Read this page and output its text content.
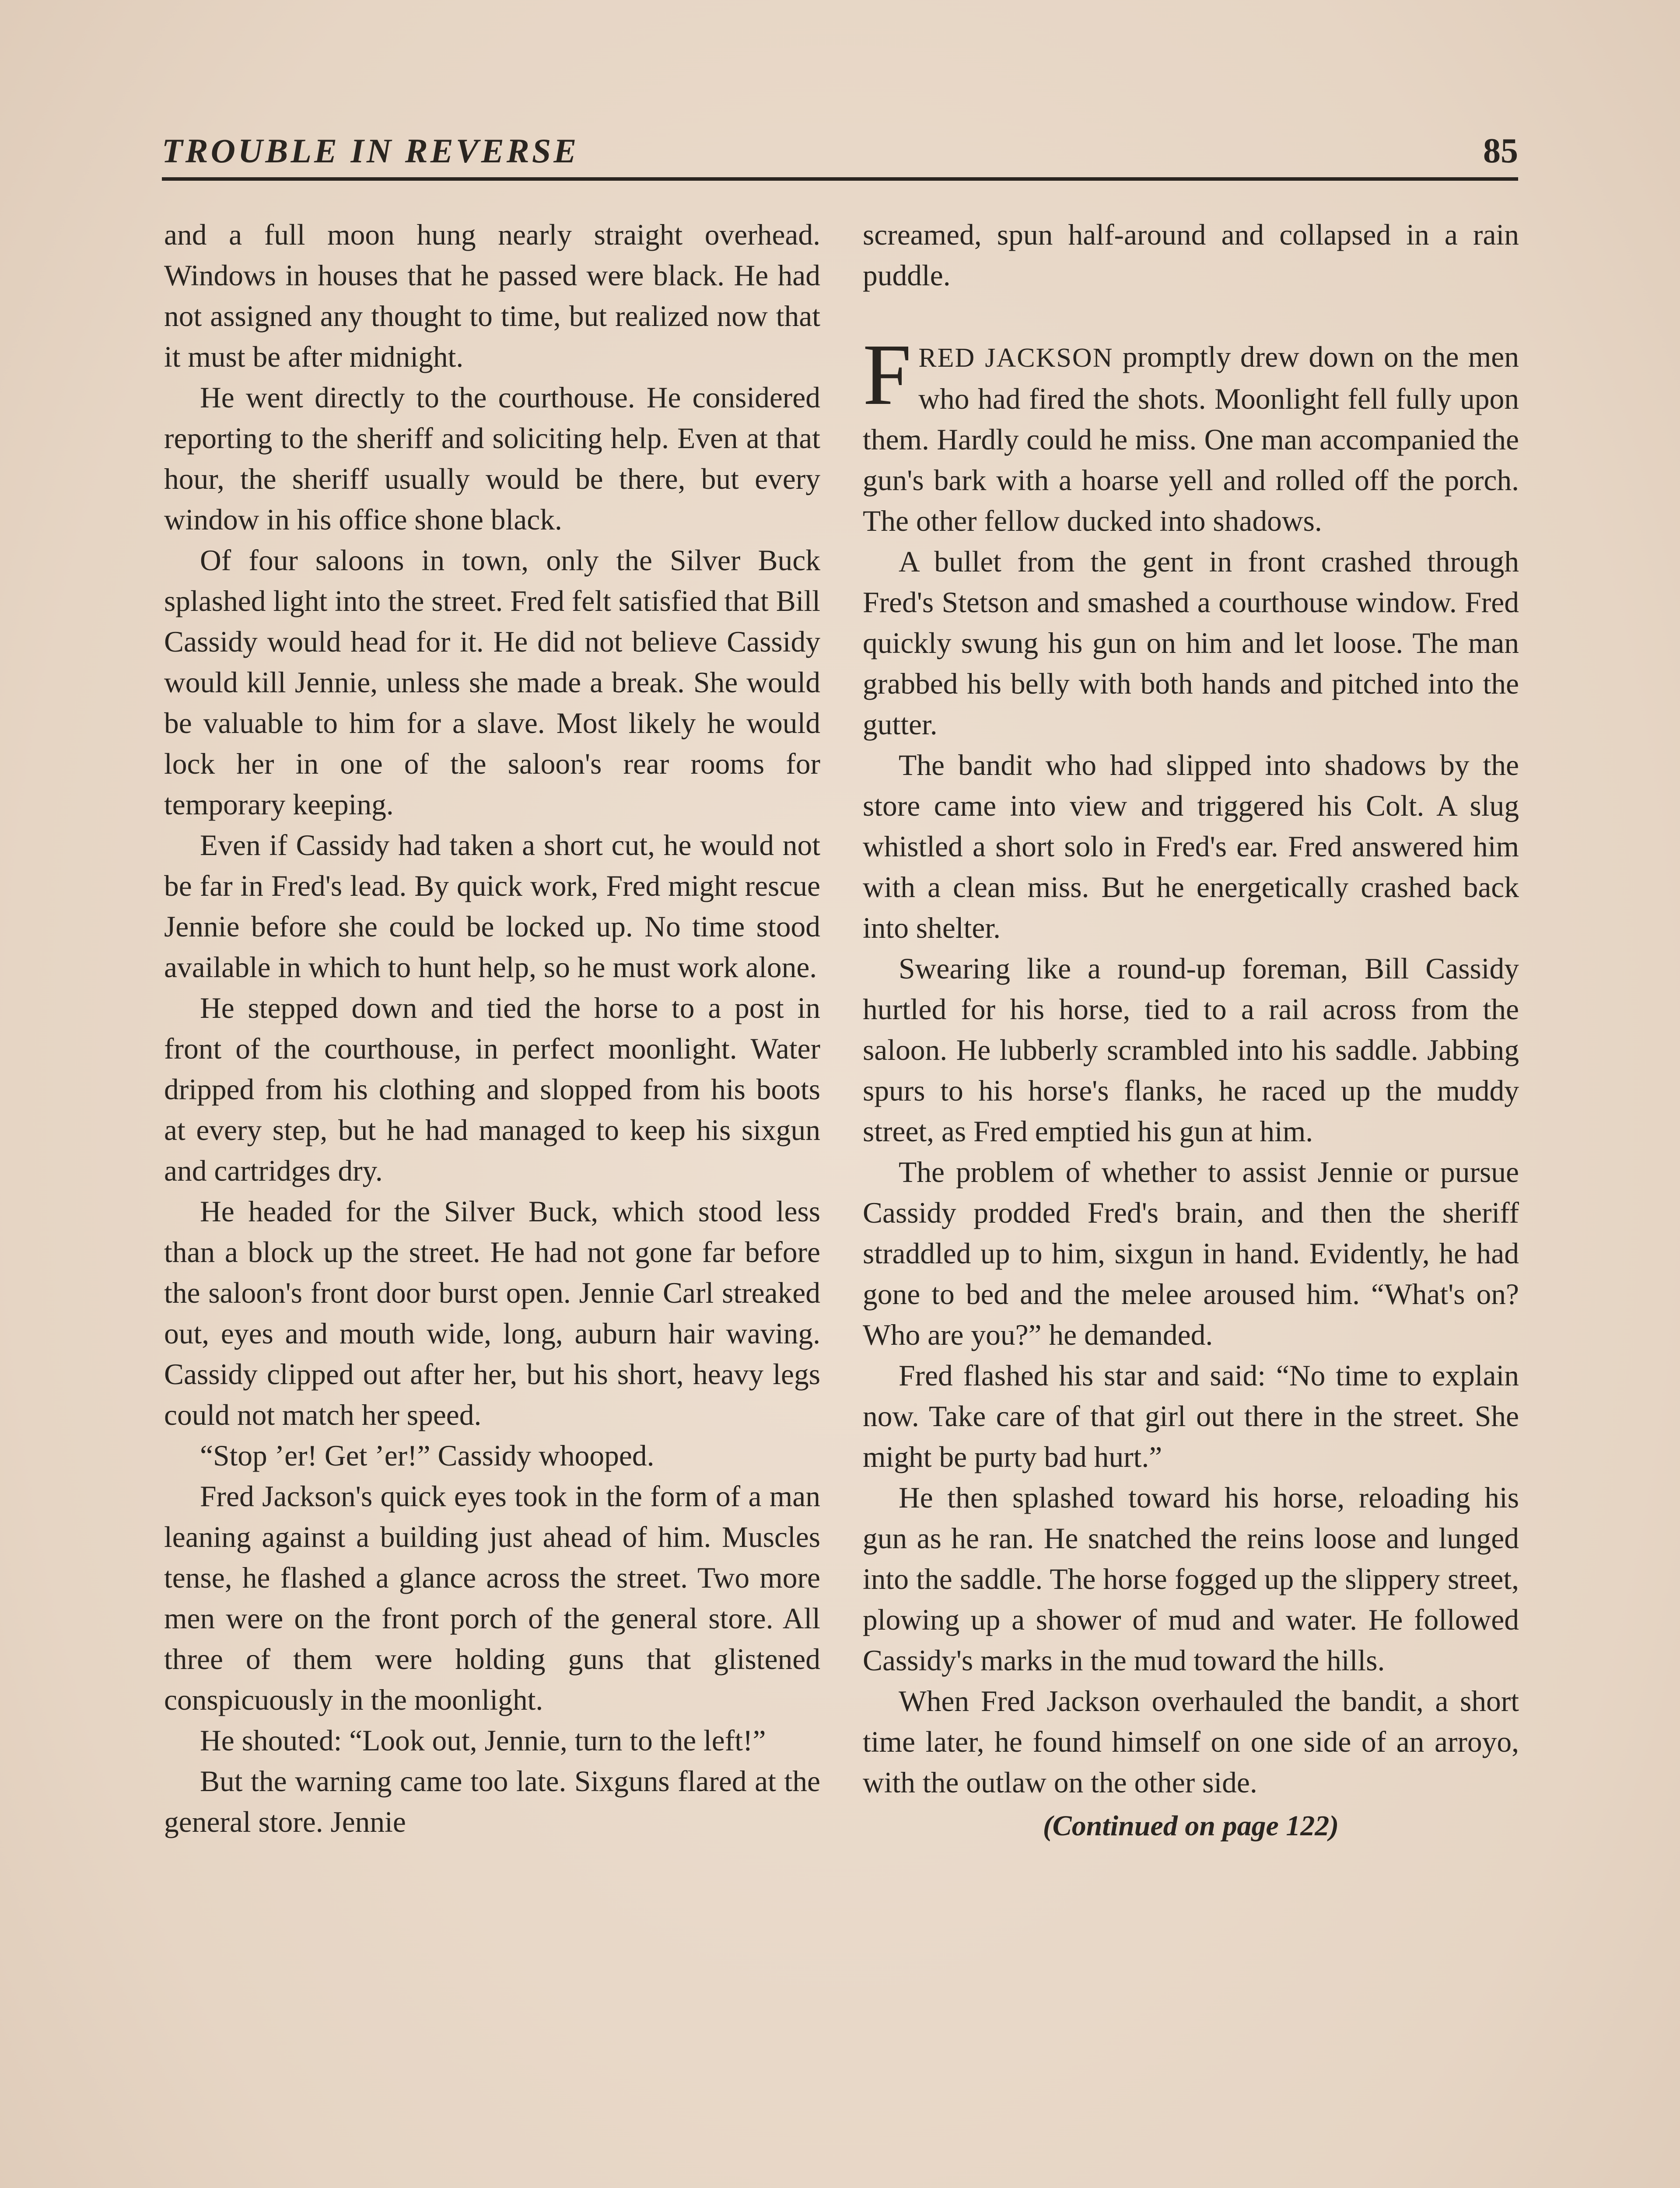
TROUBLE IN REVERSE	85

and a full moon hung nearly straight overhead. Windows in houses that he passed were black. He had not assigned any thought to time, but realized now that it must be after midnight.

He went directly to the courthouse. He considered reporting to the sheriff and soliciting help. Even at that hour, the sheriff usually would be there, but every window in his office shone black.

Of four saloons in town, only the Silver Buck splashed light into the street. Fred felt satisfied that Bill Cassidy would head for it. He did not believe Cassidy would kill Jennie, unless she made a break. She would be valuable to him for a slave. Most likely he would lock her in one of the saloon's rear rooms for temporary keeping.

Even if Cassidy had taken a short cut, he would not be far in Fred's lead. By quick work, Fred might rescue Jennie before she could be locked up. No time stood available in which to hunt help, so he must work alone.

He stepped down and tied the horse to a post in front of the courthouse, in perfect moonlight. Water dripped from his clothing and slopped from his boots at every step, but he had managed to keep his sixgun and cartridges dry.

He headed for the Silver Buck, which stood less than a block up the street. He had not gone far before the saloon's front door burst open. Jennie Carl streaked out, eyes and mouth wide, long, auburn hair waving. Cassidy clipped out after her, but his short, heavy legs could not match her speed.

“Stop ’er! Get ’er!” Cassidy whooped.

Fred Jackson's quick eyes took in the form of a man leaning against a building just ahead of him. Muscles tense, he flashed a glance across the street. Two more men were on the front porch of the general store. All three of them were holding guns that glistened conspicuously in the moonlight.

He shouted: “Look out, Jennie, turn to the left!”

But the warning came too late. Sixguns flared at the general store. Jennie

screamed, spun half-around and collapsed in a rain puddle.

FRED JACKSON promptly drew down on the men who had fired the shots. Moonlight fell fully upon them. Hardly could he miss. One man accompanied the gun's bark with a hoarse yell and rolled off the porch. The other fellow ducked into shadows.

A bullet from the gent in front crashed through Fred's Stetson and smashed a courthouse window. Fred quickly swung his gun on him and let loose. The man grabbed his belly with both hands and pitched into the gutter.

The bandit who had slipped into shadows by the store came into view and triggered his Colt. A slug whistled a short solo in Fred's ear. Fred answered him with a clean miss. But he energetically crashed back into shelter.

Swearing like a round-up foreman, Bill Cassidy hurtled for his horse, tied to a rail across from the saloon. He lubberly scrambled into his saddle. Jabbing spurs to his horse's flanks, he raced up the muddy street, as Fred emptied his gun at him.

The problem of whether to assist Jennie or pursue Cassidy prodded Fred's brain, and then the sheriff straddled up to him, sixgun in hand. Evidently, he had gone to bed and the melee aroused him. “What's on? Who are you?” he demanded.

Fred flashed his star and said: “No time to explain now. Take care of that girl out there in the street. She might be purty bad hurt.”

He then splashed toward his horse, reloading his gun as he ran. He snatched the reins loose and lunged into the saddle. The horse fogged up the slippery street, plowing up a shower of mud and water. He followed Cassidy's marks in the mud toward the hills.

When Fred Jackson overhauled the bandit, a short time later, he found himself on one side of an arroyo, with the outlaw on the other side.

(Continued on page 122)
